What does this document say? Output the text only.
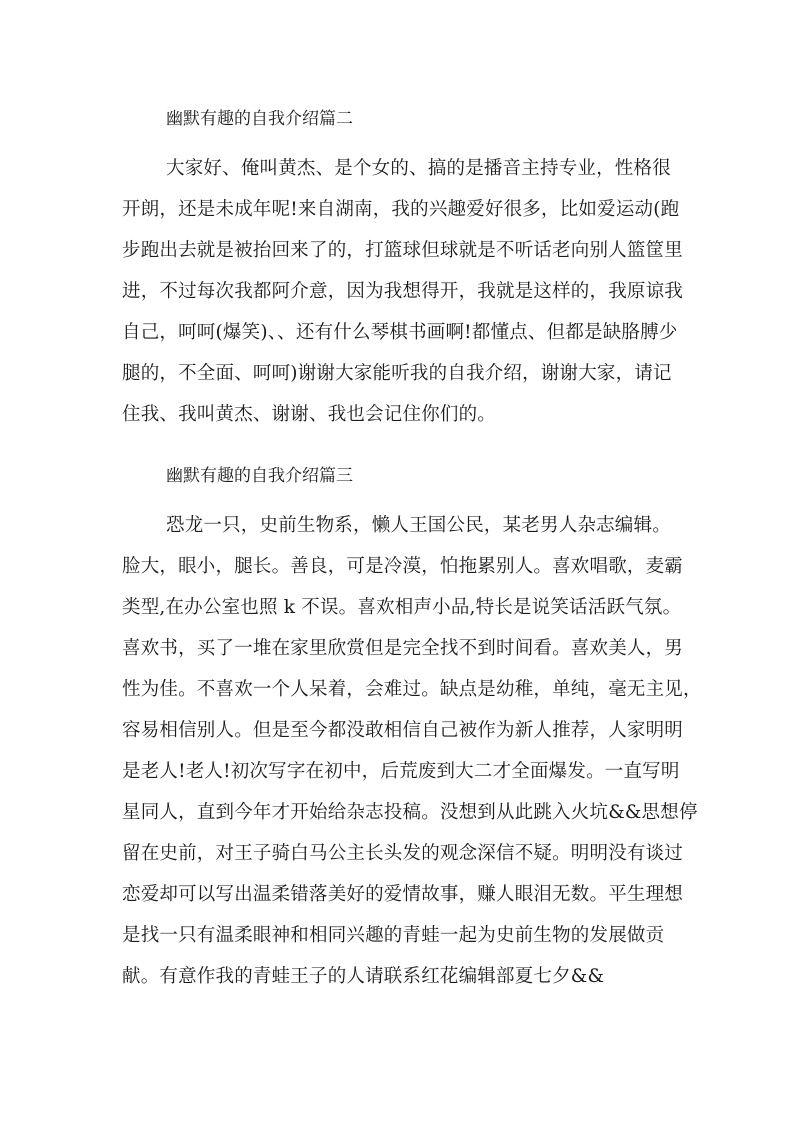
幽默有趣的自我介绍篇二
大家好、俺叫黄杰、是个女的、搞的是播音主持专业，性格很
开朗，还是未成年呢!来自湖南，我的兴趣爱好很多，比如爱运动(跑
步跑出去就是被抬回来了的，打篮球但球就是不听话老向别人篮筐里
进，不过每次我都阿介意，因为我想得开，我就是这样的，我原谅我
自己，呵呵(爆笑)、、还有什么琴棋书画啊!都懂点、但都是缺胳膊少
腿的，不全面、呵呵)谢谢大家能听我的自我介绍，谢谢大家，请记
住我、我叫黄杰、谢谢、我也会记住你们的。
幽默有趣的自我介绍篇三
恐龙一只，史前生物系，懒人王国公民，某老男人杂志编辑。
脸大，眼小，腿长。善良，可是冷漠，怕拖累别人。喜欢唱歌，麦霸
类型,在办公室也照 k 不误。喜欢相声小品,特长是说笑话活跃气氛。
喜欢书，买了一堆在家里欣赏但是完全找不到时间看。喜欢美人，男
性为佳。不喜欢一个人呆着，会难过。缺点是幼稚，单纯，毫无主见，
容易相信别人。但是至今都没敢相信自己被作为新人推荐，人家明明
是老人!老人!初次写字在初中，后荒废到大二才全面爆发。一直写明
星同人，直到今年才开始给杂志投稿。没想到从此跳入火坑&&思想停
留在史前，对王子骑白马公主长头发的观念深信不疑。明明没有谈过
恋爱却可以写出温柔错落美好的爱情故事，赚人眼泪无数。平生理想
是找一只有温柔眼神和相同兴趣的青蛙一起为史前生物的发展做贡
献。有意作我的青蛙王子的人请联系红花编辑部夏七夕&&
